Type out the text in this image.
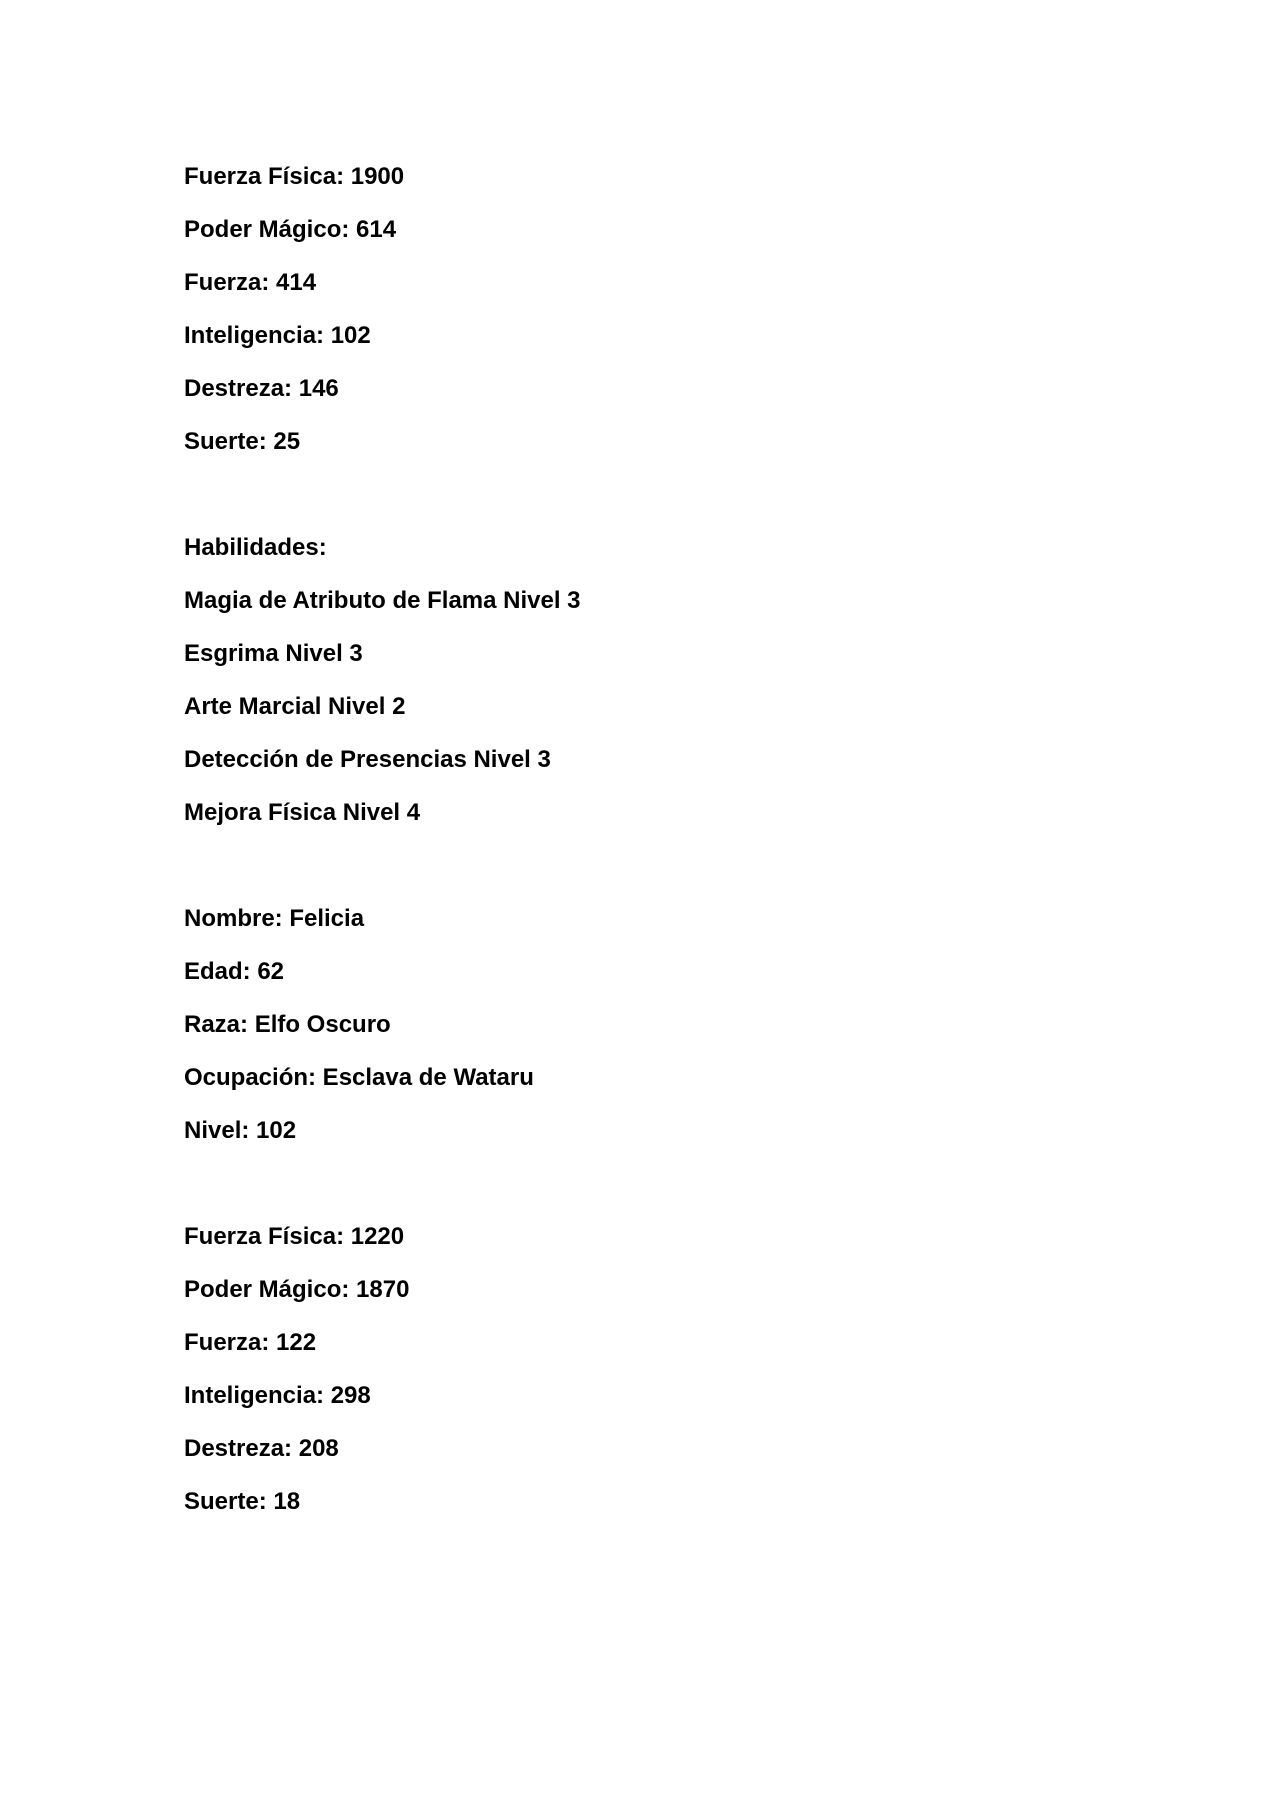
Fuerza Física: 1900
Poder Mágico: 614
Fuerza: 414
Inteligencia: 102
Destreza: 146
Suerte: 25
Habilidades:
Magia de Atributo de Flama Nivel 3
Esgrima Nivel 3
Arte Marcial Nivel 2
Detección de Presencias Nivel 3
Mejora Física Nivel 4
Nombre: Felicia
Edad: 62
Raza: Elfo Oscuro
Ocupación: Esclava de Wataru
Nivel: 102
Fuerza Física: 1220
Poder Mágico: 1870
Fuerza: 122
Inteligencia: 298
Destreza: 208
Suerte: 18
